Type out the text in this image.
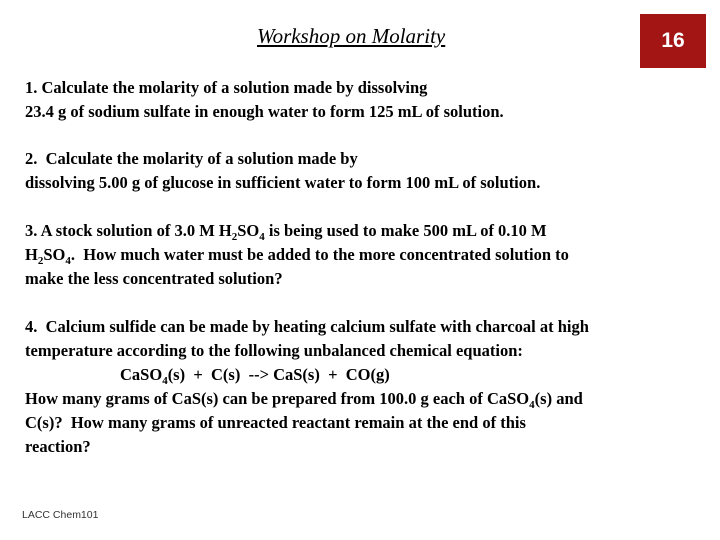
Workshop on Molarity	16
1. Calculate the molarity of a solution made by dissolving
23.4 g of sodium sulfate in enough water to form 125 mL of solution.
2.  Calculate the molarity of a solution made by
dissolving 5.00 g of glucose in sufficient water to form 100 mL of solution.
3. A stock solution of 3.0 M $H_2SO_4$ is being used to make 500 mL of 0.10 M
$H_2SO_4$.  How much water must be added to the more concentrated solution to
make the less concentrated solution?
4.  Calcium sulfide can be made by heating calcium sulfate with charcoal at high
temperature according to the following unbalanced chemical equation:
CaSO$_4$(s)  +  C(s)  --> CaS(s)  +  CO(g)
How many grams of CaS(s) can be prepared from 100.0 g each of CaSO$_4$(s) and
C(s)?  How many grams of unreacted reactant remain at the end of this
reaction?
LACC Chem101
